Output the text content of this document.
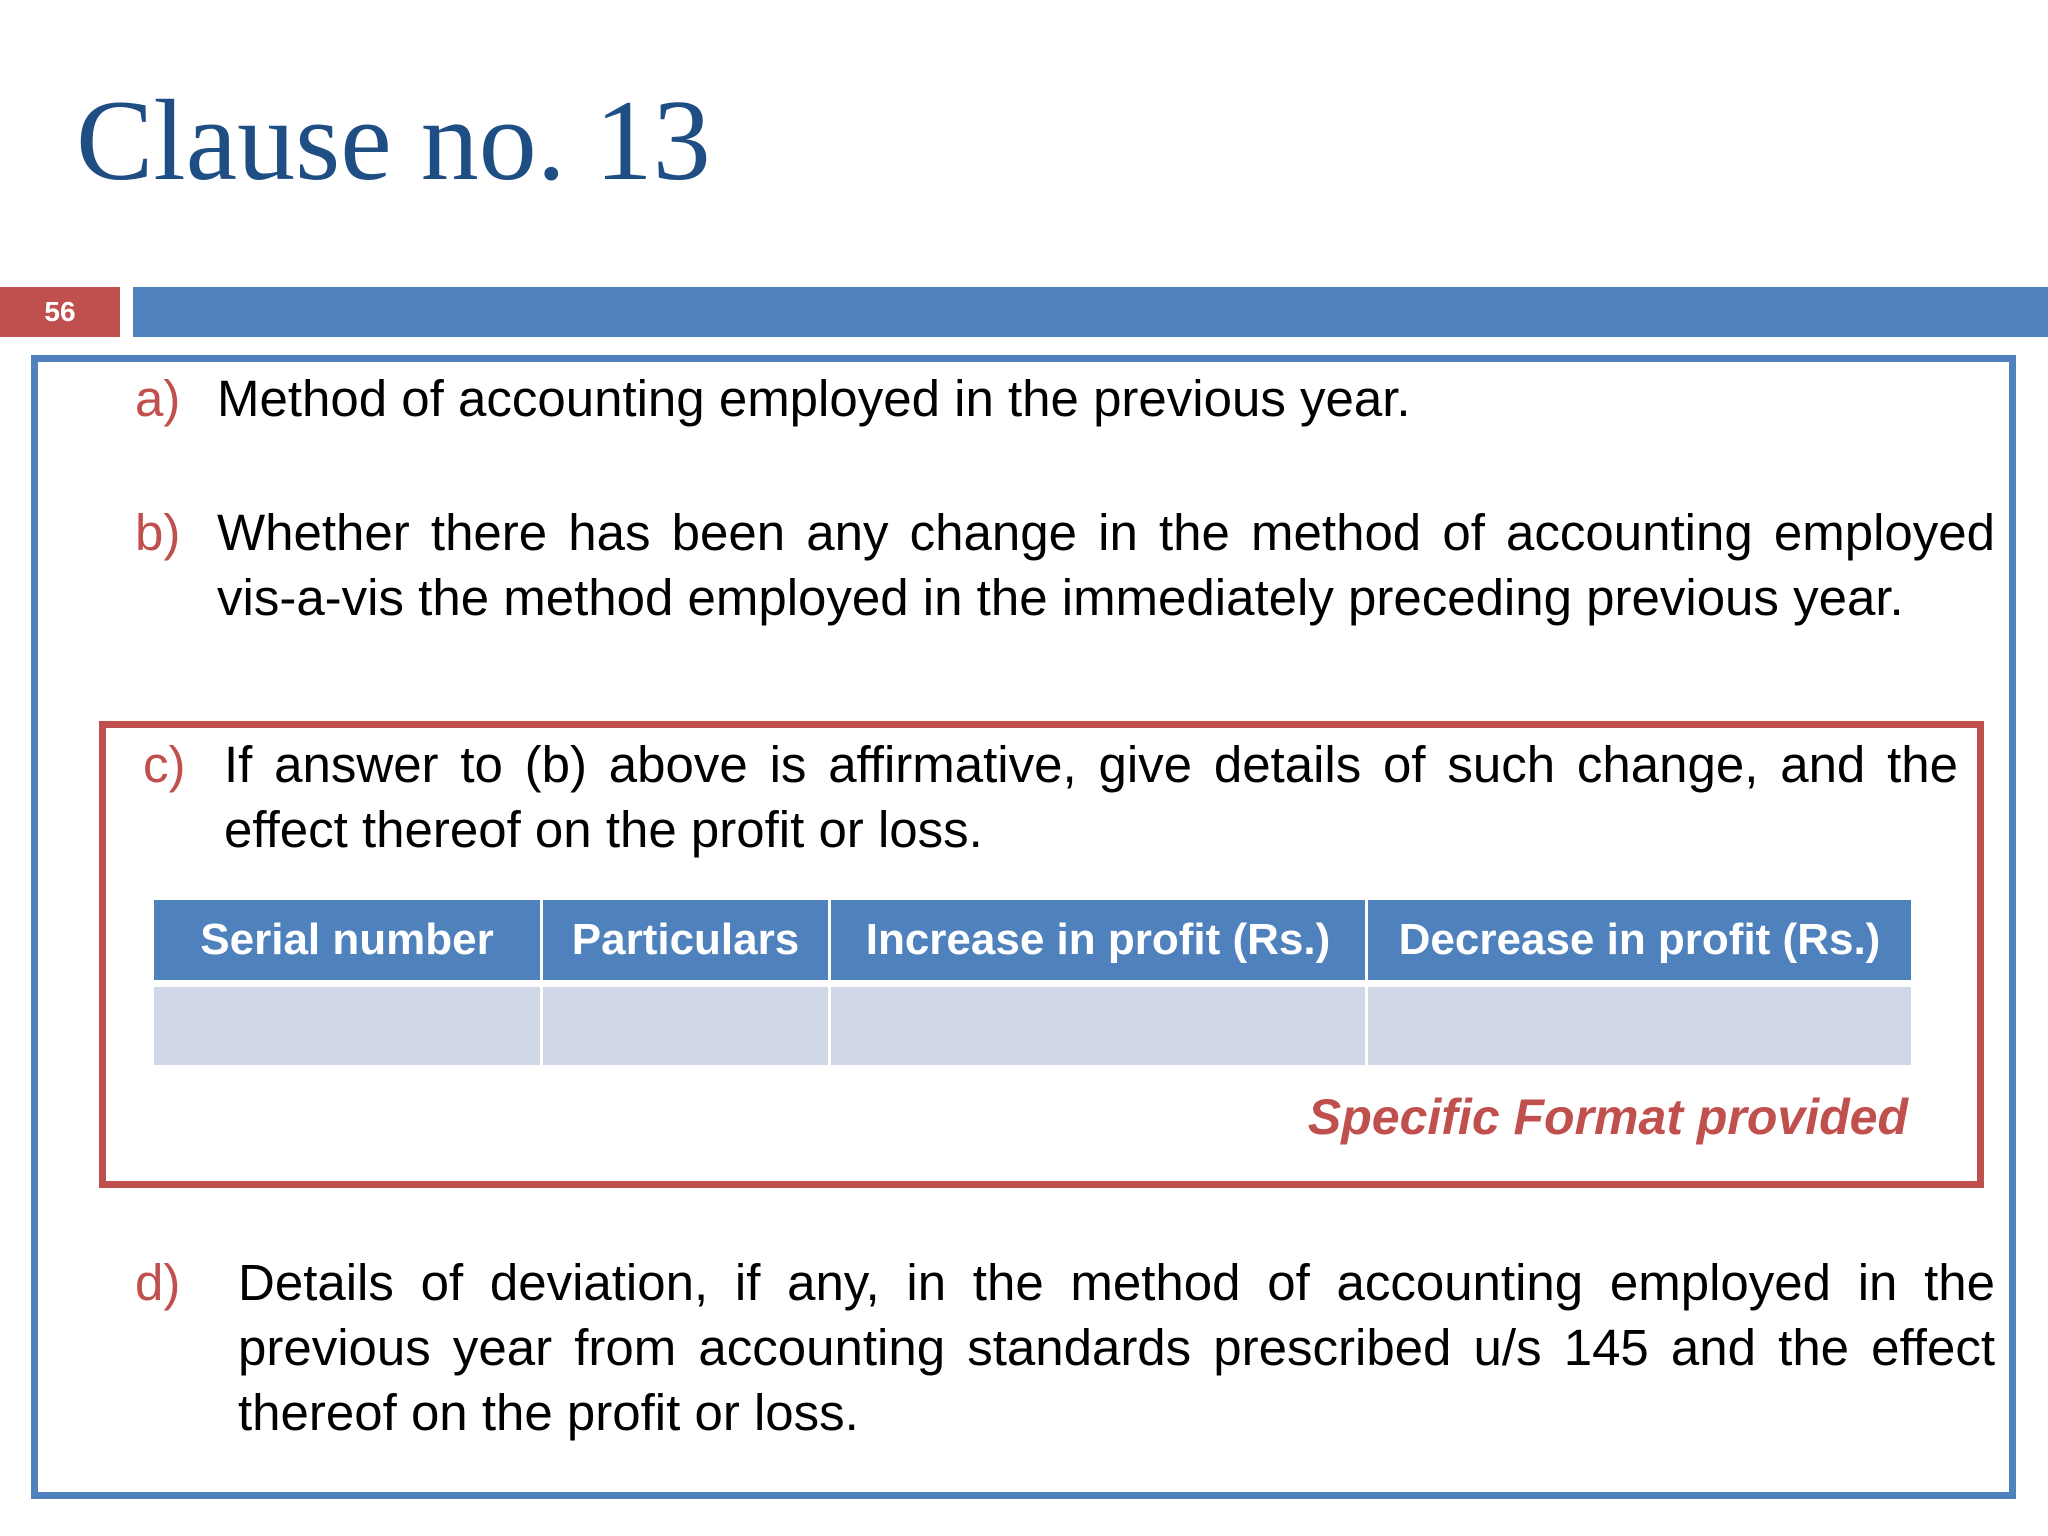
Clause no. 13
56
a) Method of accounting employed in the previous year.
b) Whether there has been any change in the method of accounting employed vis-a-vis the method employed in the immediately preceding previous year.
c) If answer to (b) above is affirmative, give details of such change, and the effect thereof on the profit or loss.
Serial number	Particulars	Increase in profit (Rs.)	Decrease in profit (Rs.)

Specific Format provided
d)	Details of deviation, if any, in the method of accounting employed in the previous year from accounting standards prescribed u/s 145 and the effect thereof on the profit or loss.
